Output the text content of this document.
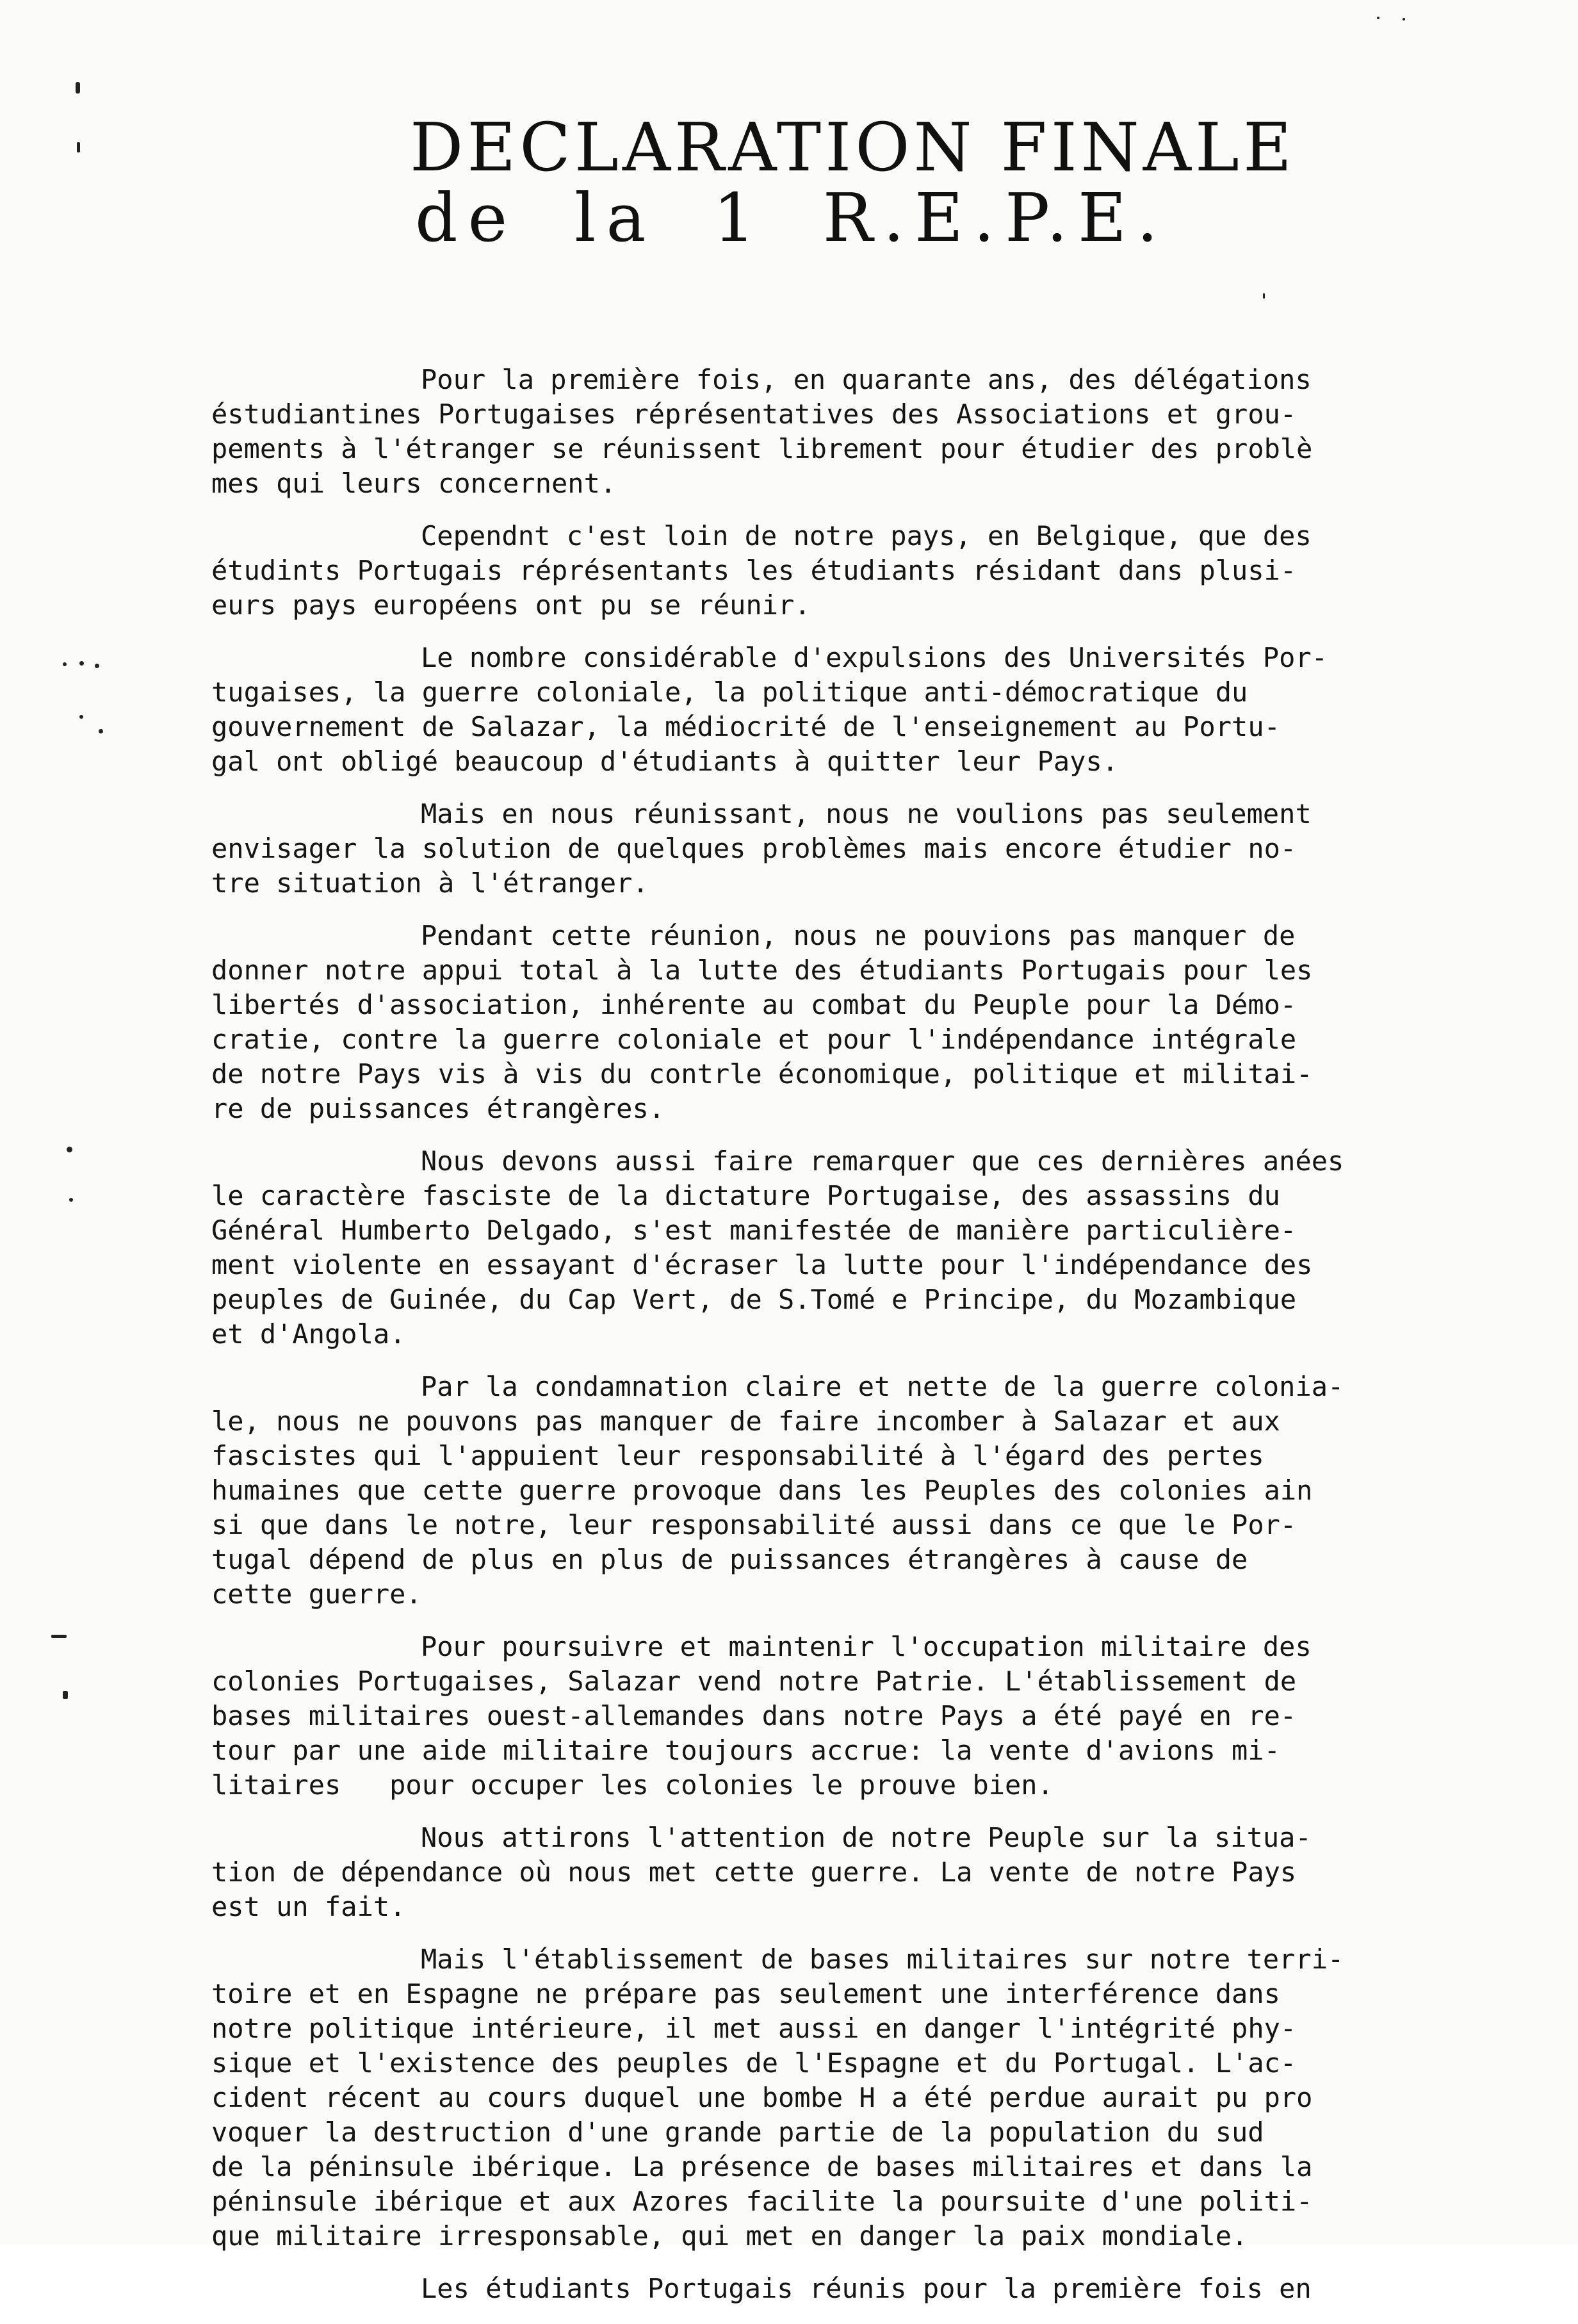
DECLARATION FINALE
de la 1 R.E.P.E.
Pour la première fois, en quarante ans, des délégations
éstudiantines Portugaises réprésentatives des Associations et grou-
pements à l'étranger se réunissent librement pour étudier des problè
mes qui leurs concernent.
Cependnt c'est loin de notre pays, en Belgique, que des
étudints Portugais réprésentants les étudiants résidant dans plusi-
eurs pays européens ont pu se réunir.
Le nombre considérable d'expulsions des Universités Por-
tugaises, la guerre coloniale, la politique anti-démocratique du
gouvernement de Salazar, la médiocrité de l'enseignement au Portu-
gal ont obligé beaucoup d'étudiants à quitter leur Pays.
Mais en nous réunissant, nous ne voulions pas seulement
envisager la solution de quelques problèmes mais encore étudier no-
tre situation à l'étranger.
Pendant cette réunion, nous ne pouvions pas manquer de
donner notre appui total à la lutte des étudiants Portugais pour les
libertés d'association, inhérente au combat du Peuple pour la Démo-
cratie, contre la guerre coloniale et pour l'indépendance intégrale
de notre Pays vis à vis du contrle économique, politique et militai-
re de puissances étrangères.
Nous devons aussi faire remarquer que ces dernières anées
le caractère fasciste de la dictature Portugaise, des assassins du
Général Humberto Delgado, s'est manifestée de manière particulière-
ment violente en essayant d'écraser la lutte pour l'indépendance des
peuples de Guinée, du Cap Vert, de S.Tomé e Principe, du Mozambique
et d'Angola.
Par la condamnation claire et nette de la guerre colonia-
le, nous ne pouvons pas manquer de faire incomber à Salazar et aux
fascistes qui l'appuient leur responsabilité à l'égard des pertes
humaines que cette guerre provoque dans les Peuples des colonies ain
si que dans le notre, leur responsabilité aussi dans ce que le Por-
tugal dépend de plus en plus de puissances étrangères à cause de
cette guerre.
Pour poursuivre et maintenir l'occupation militaire des
colonies Portugaises, Salazar vend notre Patrie. L'établissement de
bases militaires ouest-allemandes dans notre Pays a été payé en re-
tour par une aide militaire toujours accrue: la vente d'avions mi-
litaires   pour occuper les colonies le prouve bien.
Nous attirons l'attention de notre Peuple sur la situa-
tion de dépendance où nous met cette guerre. La vente de notre Pays
est un fait.
Mais l'établissement de bases militaires sur notre terri-
toire et en Espagne ne prépare pas seulement une interférence dans
notre politique intérieure, il met aussi en danger l'intégrité phy-
sique et l'existence des peuples de l'Espagne et du Portugal. L'ac-
cident récent au cours duquel une bombe H a été perdue aurait pu pro
voquer la destruction d'une grande partie de la population du sud
de la péninsule ibérique. La présence de bases militaires et dans la
péninsule ibérique et aux Azores facilite la poursuite d'une politi-
que militaire irresponsable, qui met en danger la paix mondiale.
Les étudiants Portugais réunis pour la première fois en
